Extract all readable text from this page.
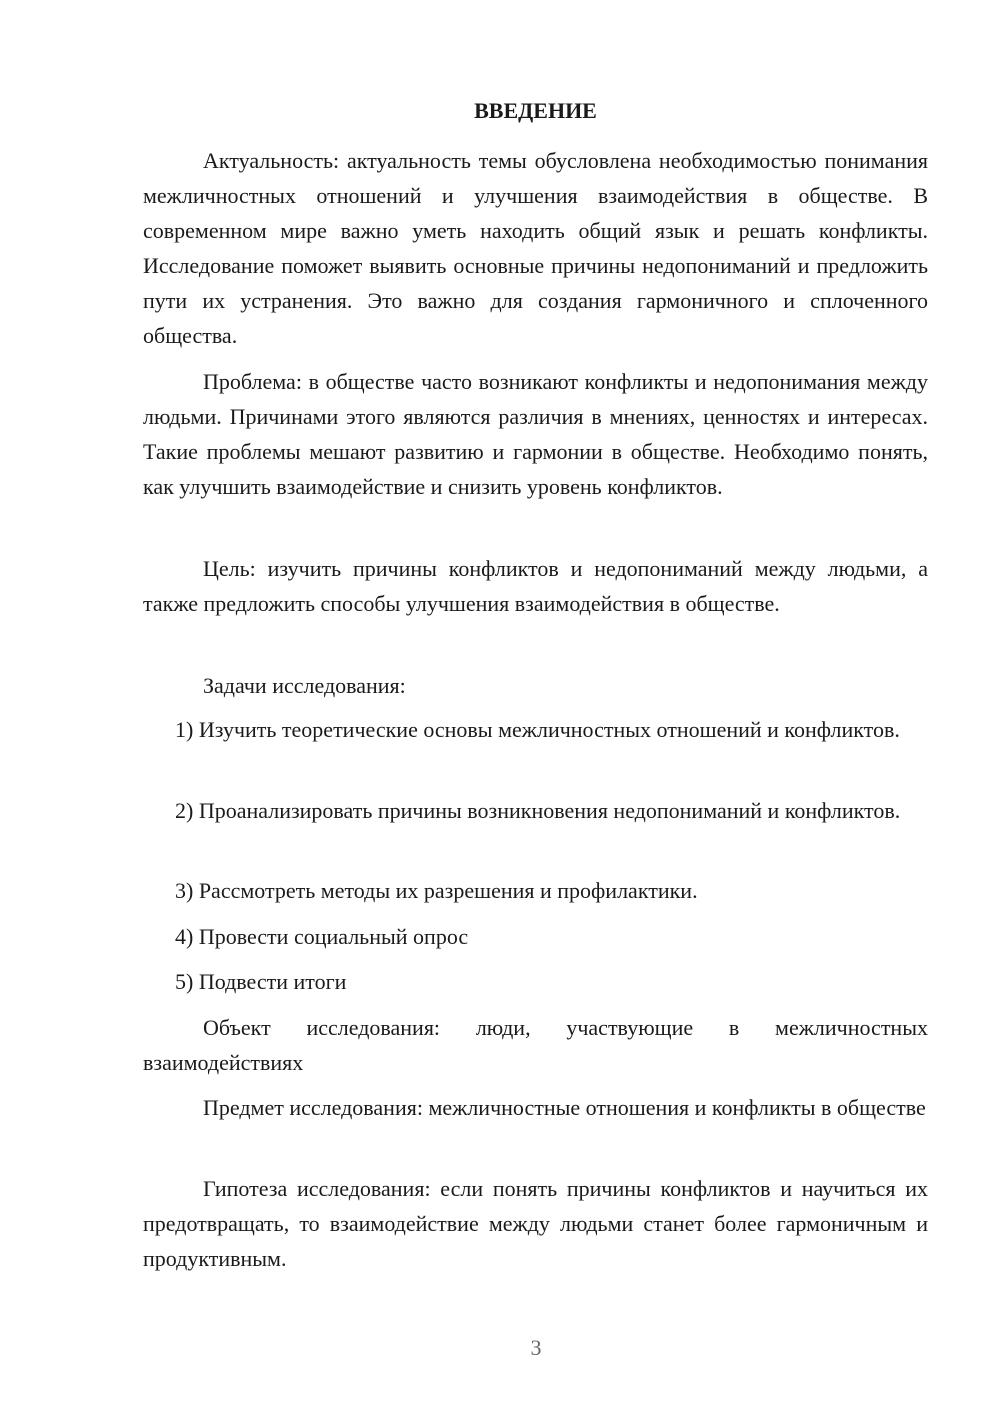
ВВЕДЕНИЕ
Актуальность: актуальность темы обусловлена необходимостью понимания межличностных отношений и улучшения взаимодействия в обществе. В современном мире важно уметь находить общий язык и решать конфликты. Исследование поможет выявить основные причины недопониманий и предложить пути их устранения. Это важно для создания гармоничного и сплоченного общества.
Проблема: в обществе часто возникают конфликты и недопонимания между людьми. Причинами этого являются различия в мнениях, ценностях и интересах. Такие проблемы мешают развитию и гармонии в обществе. Необходимо понять, как улучшить взаимодействие и снизить уровень конфликтов.
Цель: изучить причины конфликтов и недопониманий между людьми, а также предложить способы улучшения взаимодействия в обществе.
Задачи исследования:
1) Изучить теоретические основы межличностных отношений и конфликтов.
2) Проанализировать причины возникновения недопониманий и конфликтов.
3) Рассмотреть методы их разрешения и профилактики.
4) Провести социальный опрос
5) Подвести итоги
Объект исследования: люди, участвующие в межличностных взаимодействиях
Предмет исследования: межличностные отношения и конфликты в обществе
Гипотеза исследования: если понять причины конфликтов и научиться их предотвращать, то взаимодействие между людьми станет более гармоничным и продуктивным.
3
